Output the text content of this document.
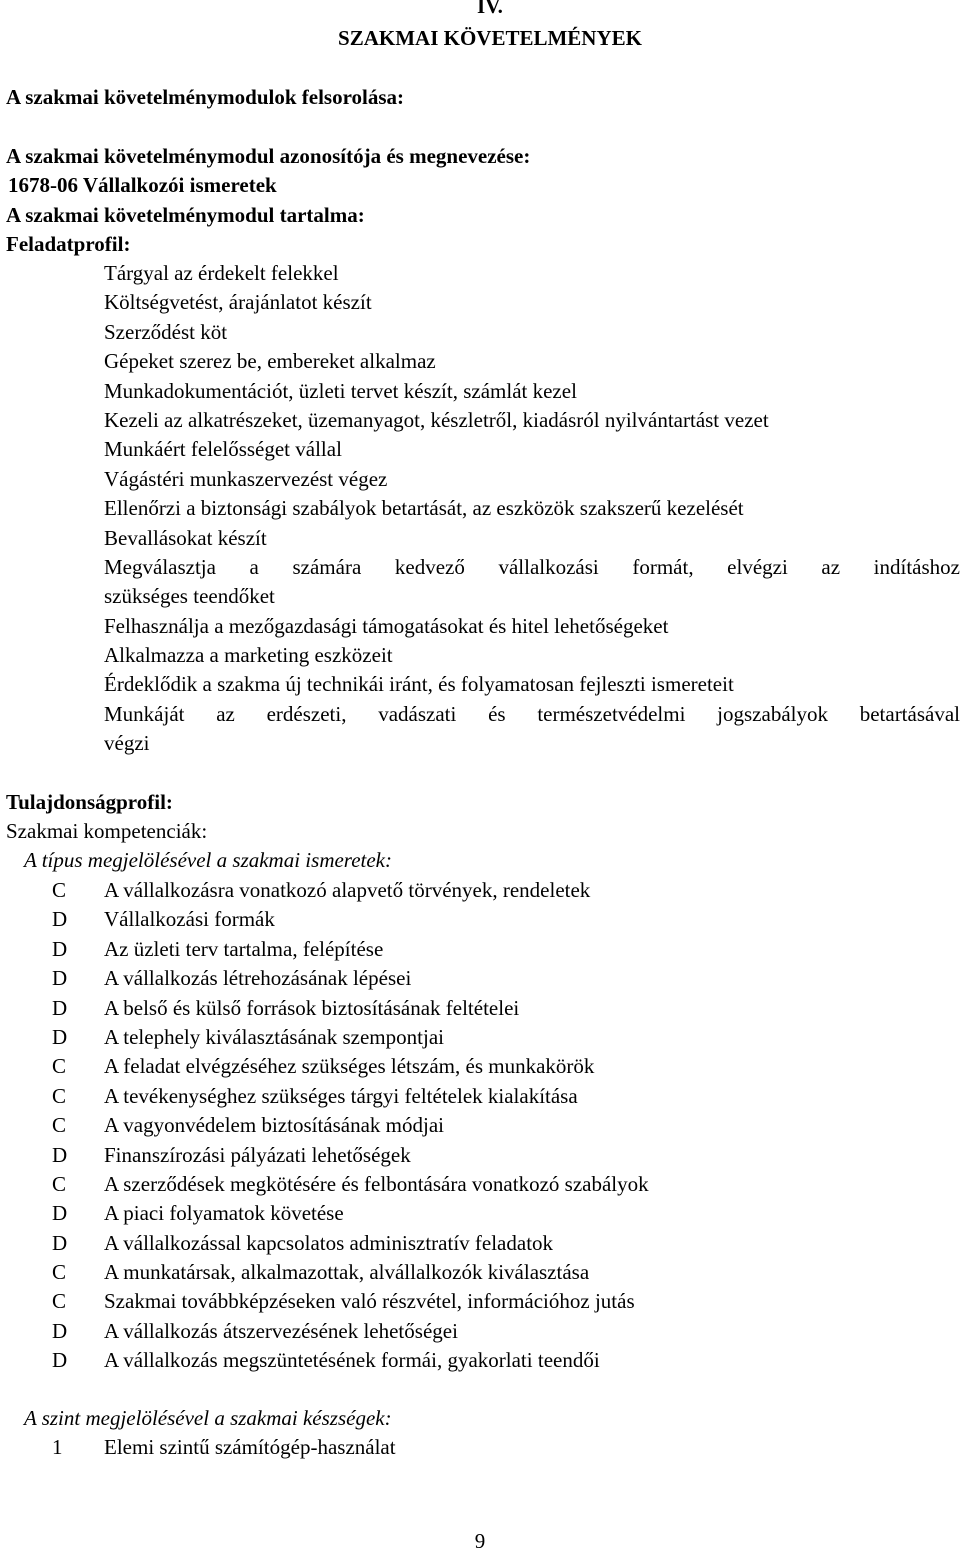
IV.
SZAKMAI KÖVETELMÉNYEK
A szakmai követelménymodulok felsorolása:
A szakmai követelménymodul azonosítója és megnevezése:
1678-06 Vállalkozói ismeretek
A szakmai követelménymodul tartalma:
Feladatprofil:
Tárgyal az érdekelt felekkel
Költségvetést, árajánlatot készít
Szerződést köt
Gépeket szerez be, embereket alkalmaz
Munkadokumentációt, üzleti tervet készít, számlát kezel
Kezeli az alkatrészeket, üzemanyagot, készletről, kiadásról nyilvántartást vezet
Munkáért felelősséget vállal
Vágástéri munkaszervezést végez
Ellenőrzi a biztonsági szabályok betartását, az eszközök szakszerű kezelését
Bevallásokat készít
Megválasztja a számára kedvező vállalkozási formát, elvégzi az indításhoz
szükséges teendőket
Felhasználja a mezőgazdasági támogatásokat és hitel lehetőségeket
Alkalmazza a marketing eszközeit
Érdeklődik a szakma új technikái iránt, és folyamatosan fejleszti ismereteit
Munkáját az erdészeti, vadászati és természetvédelmi jogszabályok betartásával
végzi
Tulajdonságprofil:
Szakmai kompetenciák:
A típus megjelölésével a szakmai ismeretek:
C A vállalkozásra vonatkozó alapvető törvények, rendeletek
D Vállalkozási formák
D Az üzleti terv tartalma, felépítése
D A vállalkozás létrehozásának lépései
D A belső és külső források biztosításának feltételei
D A telephely kiválasztásának szempontjai
C A feladat elvégzéséhez szükséges létszám, és munkakörök
C A tevékenységhez szükséges tárgyi feltételek kialakítása
C A vagyonvédelem biztosításának módjai
D Finanszírozási pályázati lehetőségek
C A szerződések megkötésére és felbontására vonatkozó szabályok
D A piaci folyamatok követése
D A vállalkozással kapcsolatos adminisztratív feladatok
C A munkatársak, alkalmazottak, alvállalkozók kiválasztása
C Szakmai továbbképzéseken való részvétel, információhoz jutás
D A vállalkozás átszervezésének lehetőségei
D A vállalkozás megszüntetésének formái, gyakorlati teendői
A szint megjelölésével a szakmai készségek:
1 Elemi szintű számítógép-használat
9
